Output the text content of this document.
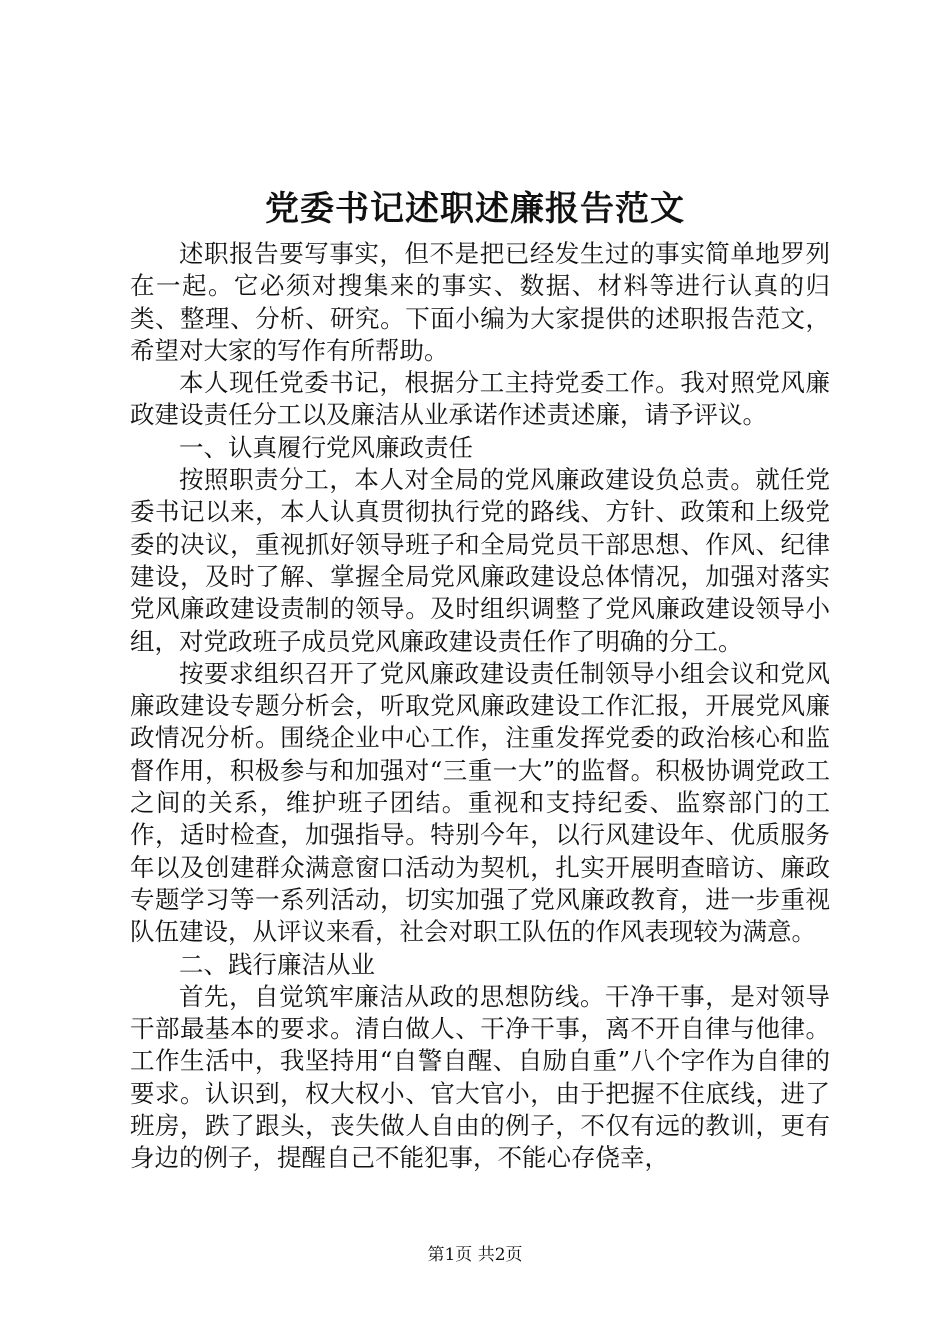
党委书记述职述廉报告范文

述职报告要写事实，但不是把已经发生过的事实简单地罗列在一起。它必须对搜集来的事实、数据、材料等进行认真的归类、整理、分析、研究。下面小编为大家提供的述职报告范文，希望对大家的写作有所帮助。

本人现任党委书记，根据分工主持党委工作。我对照党风廉政建设责任分工以及廉洁从业承诺作述责述廉，请予评议。

一、认真履行党风廉政责任

按照职责分工，本人对全局的党风廉政建设负总责。就任党委书记以来，本人认真贯彻执行党的路线、方针、政策和上级党委的决议，重视抓好领导班子和全局党员干部思想、作风、纪律建设，及时了解、掌握全局党风廉政建设总体情况，加强对落实党风廉政建设责制的领导。及时组织调整了党风廉政建设领导小组，对党政班子成员党风廉政建设责任作了明确的分工。

按要求组织召开了党风廉政建设责任制领导小组会议和党风廉政建设专题分析会，听取党风廉政建设工作汇报，开展党风廉政情况分析。围绕企业中心工作，注重发挥党委的政治核心和监督作用，积极参与和加强对“三重一大”的监督。积极协调党政工之间的关系，维护班子团结。重视和支持纪委、监察部门的工作，适时检查，加强指导。特别今年，以行风建设年、优质服务年以及创建群众满意窗口活动为契机，扎实开展明查暗访、廉政专题学习等一系列活动，切实加强了党风廉政教育，进一步重视队伍建设，从评议来看，社会对职工队伍的作风表现较为满意。

二、践行廉洁从业

首先，自觉筑牢廉洁从政的思想防线。干净干事，是对领导干部最基本的要求。清白做人、干净干事，离不开自律与他律。工作生活中，我坚持用“自警自醒、自励自重”八个字作为自律的要求。认识到，权大权小、官大官小，由于把握不住底线，进了班房，跌了跟头，丧失做人自由的例子，不仅有远的教训，更有身边的例子，提醒自己不能犯事，不能心存侥幸，

第1页 共2页
